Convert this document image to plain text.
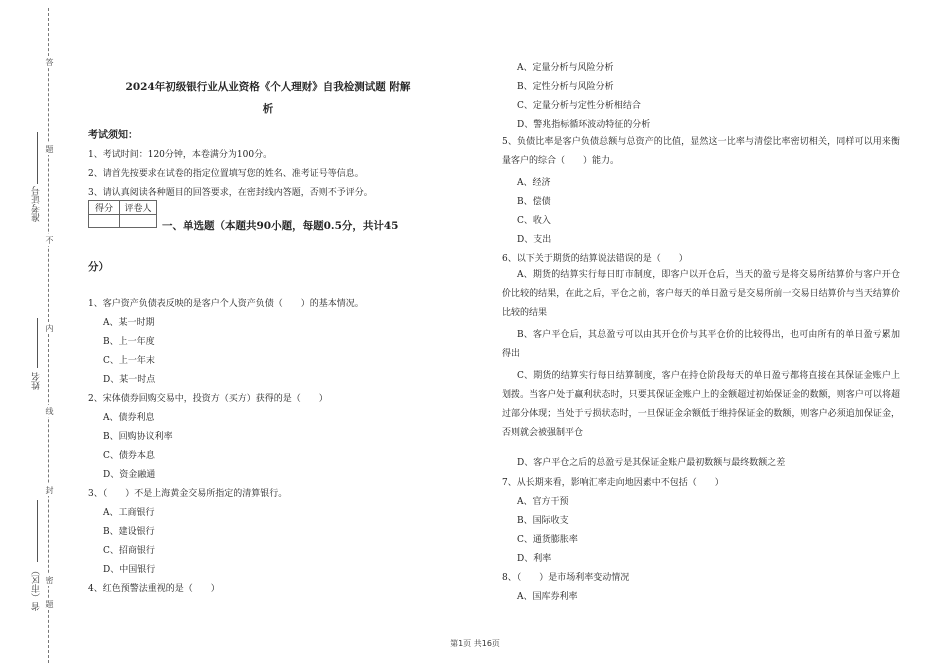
答
题
不
内
线
封
密
题
准考证号
姓名
省（市区）
2024年初级银行业从业资格《个人理财》自我检测试题 附解
析
考试须知：
1、考试时间：120分钟，本卷满分为100分。
2、请首先按要求在试卷的指定位置填写您的姓名、准考证号等信息。
3、请认真阅读各种题目的回答要求，在密封线内答题，否则不予评分。
得分	评卷人

一、单选题（本题共90小题，每题0.5分，共计45
分）
1、客户资产负债表反映的是客户个人资产负债（　　）的基本情况。
A、某一时期
B、上一年度
C、上一年末
D、某一时点
2、宋体债券回购交易中，投资方（买方）获得的是（　　）
A、债券利息
B、回购协议利率
C、债券本息
D、资金融通
3、（　　）不是上海黄金交易所指定的清算银行。
A、工商银行
B、建设银行
C、招商银行
D、中国银行
4、红色预警法重视的是（　　）
A、定量分析与风险分析
B、定性分析与风险分析
C、定量分析与定性分析相结合
D、警兆指标循环波动特征的分析
5、负债比率是客户负债总额与总资产的比值，显然这一比率与清偿比率密切相关，同样可以用来衡量客户的综合（　　）能力。
A、经济
B、偿债
C、收入
D、支出
6、以下关于期货的结算说法错误的是（　　）
A、期货的结算实行每日盯市制度，即客户以开仓后，当天的盈亏是将交易所结算价与客户开仓价比较的结果，在此之后，平仓之前，客户每天的单日盈亏是交易所前一交易日结算价与当天结算价比较的结果
B、客户平仓后，其总盈亏可以由其开仓价与其平仓价的比较得出，也可由所有的单日盈亏累加得出
C、期货的结算实行每日结算制度，客户在持仓阶段每天的单日盈亏都将直接在其保证金账户上划拨。当客户处于赢利状态时，只要其保证金账户上的金额超过初始保证金的数额，则客户可以将超过部分体现；当处于亏损状态时，一旦保证金余额低于维持保证金的数额，则客户必须追加保证金，否则就会被强制平仓
D、客户平仓之后的总盈亏是其保证金账户最初数额与最终数额之差
7、从长期来看，影响汇率走向地因素中不包括（　　）
A、官方干预
B、国际收支
C、通货膨胀率
D、利率
8、（　　）是市场利率变动情况
A、国库券利率
第1页 共16页
